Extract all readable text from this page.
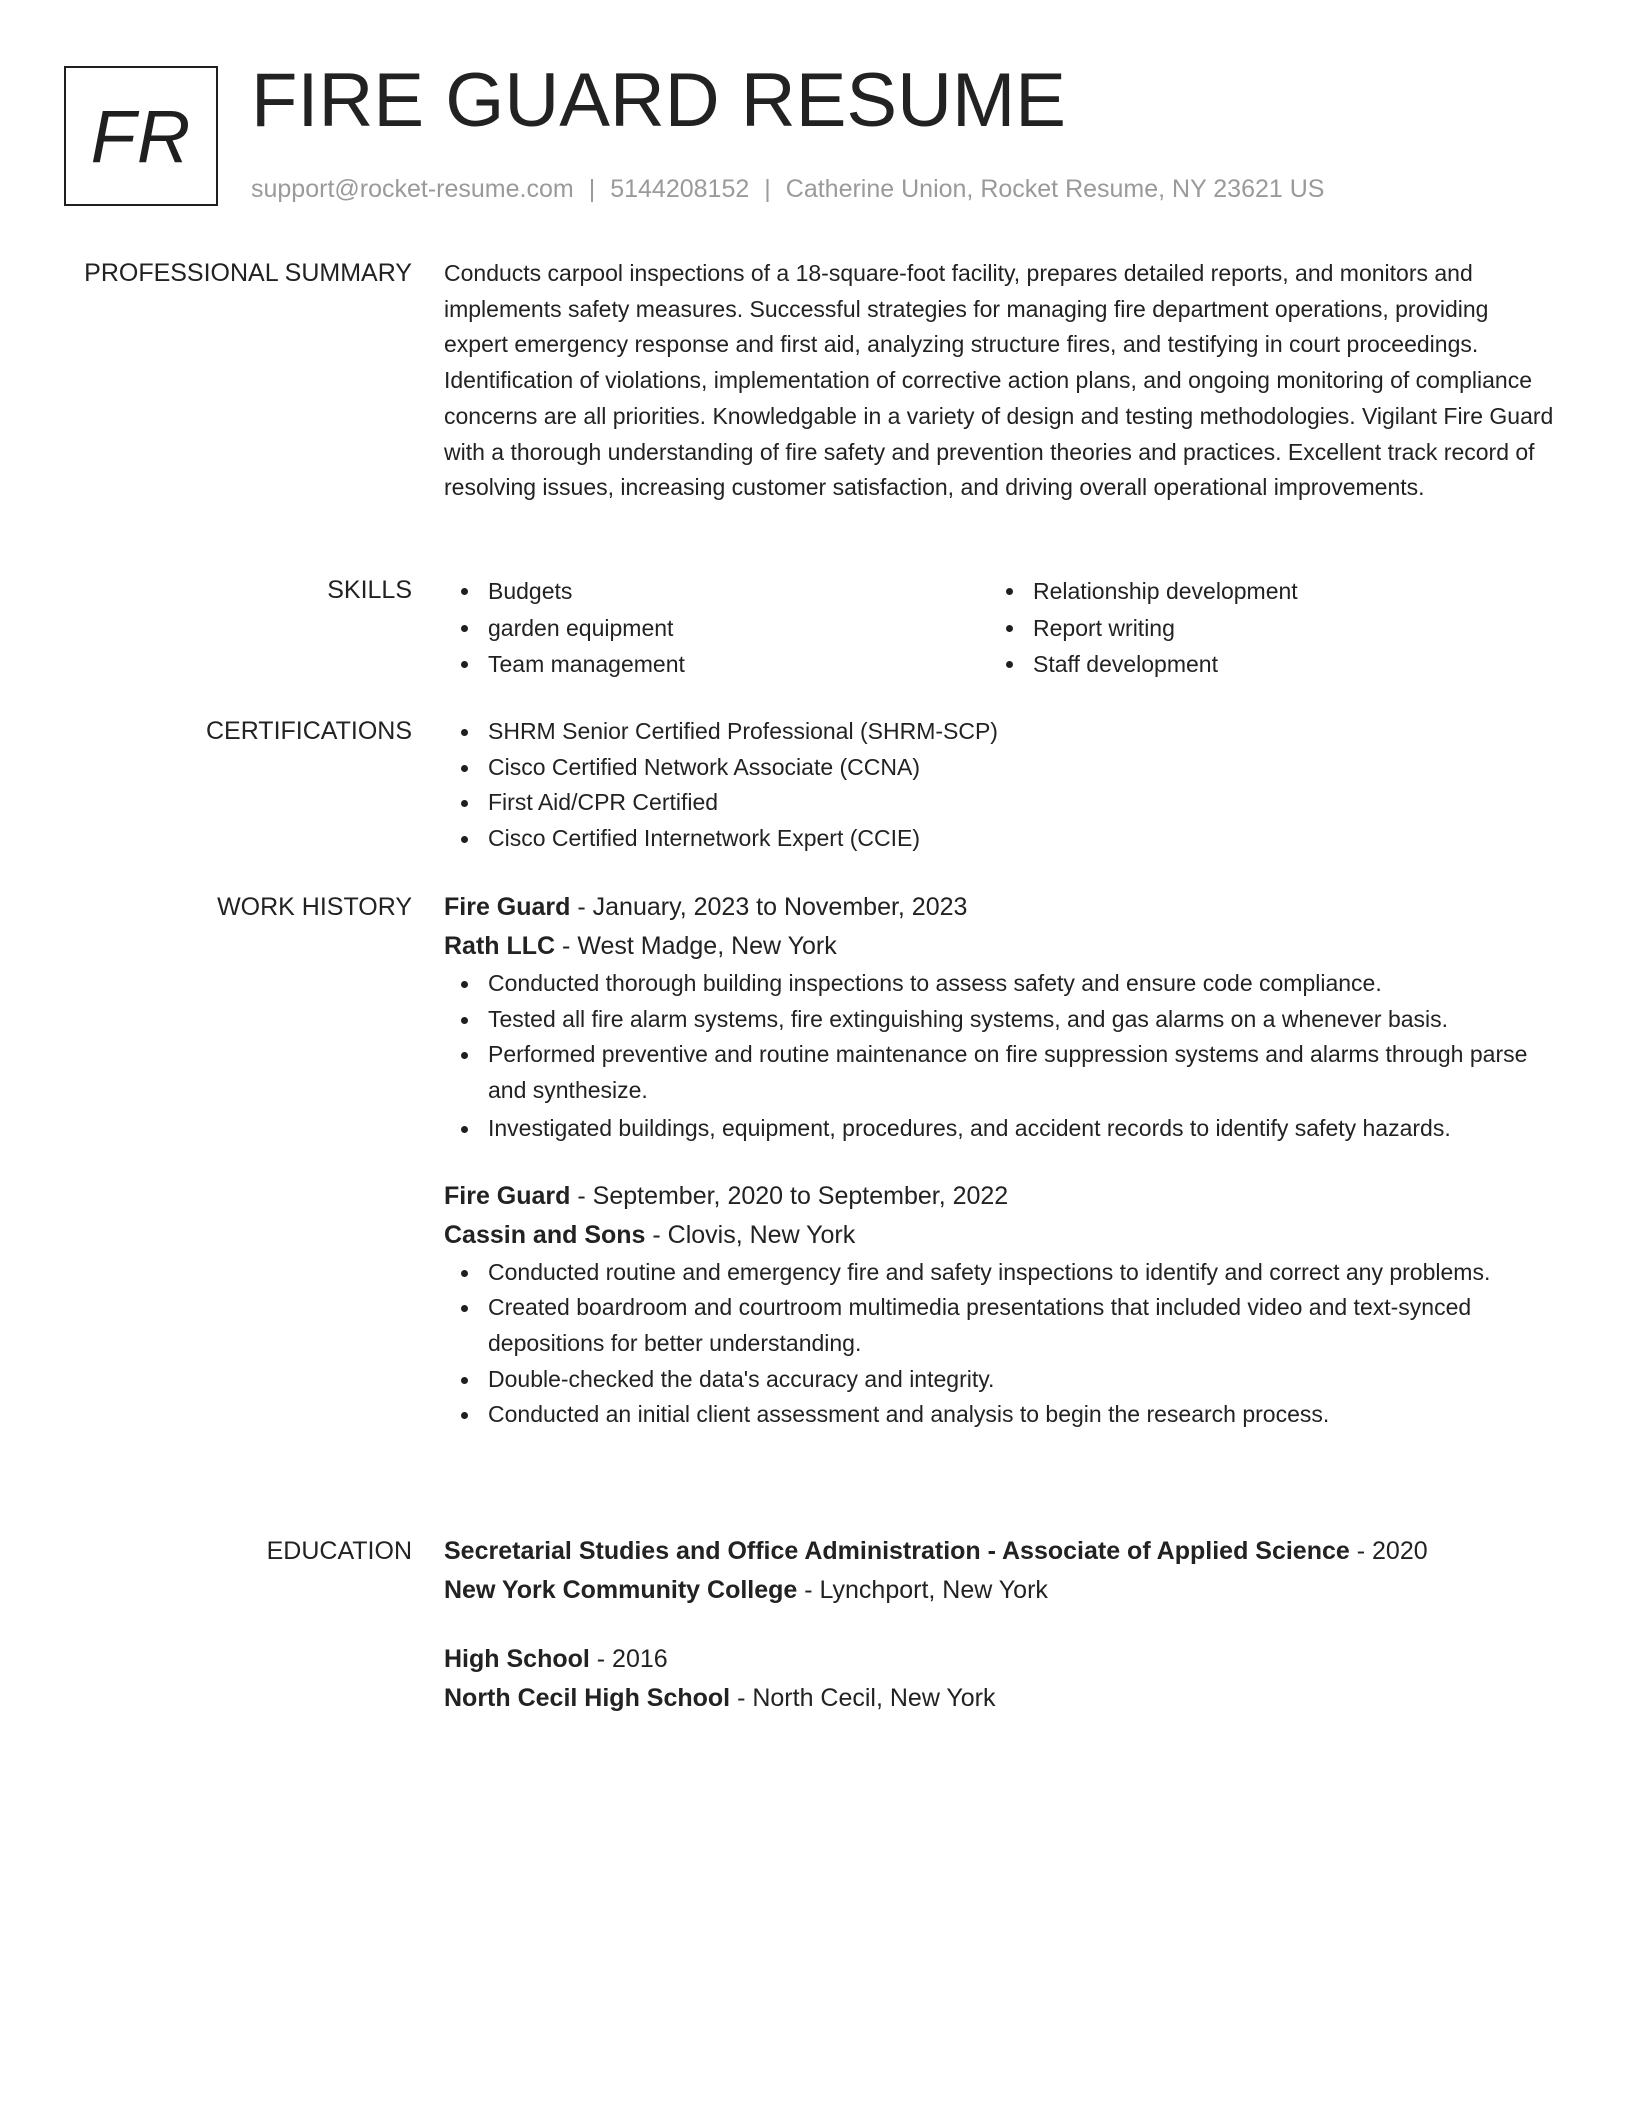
FR FIRE GUARD RESUME
support@rocket-resume.com | 5144208152 | Catherine Union, Rocket Resume, NY 23621 US
PROFESSIONAL SUMMARY Conducts carpool inspections of a 18-square-foot facility, prepares detailed reports, and monitors and implements safety measures. Successful strategies for managing fire department operations, providing expert emergency response and first aid, analyzing structure fires, and testifying in court proceedings. Identification of violations, implementation of corrective action plans, and ongoing monitoring of compliance concerns are all priorities. Knowledgable in a variety of design and testing methodologies. Vigilant Fire Guard with a thorough understanding of fire safety and prevention theories and practices. Excellent track record of resolving issues, increasing customer satisfaction, and driving overall operational improvements.

SKILLS	Budgets
garden equipment
Team management
Relationship development
Report writing
Staff development
CERTIFICATIONS	SHRM Senior Certified Professional (SHRM-SCP)
Cisco Certified Network Associate (CCNA)
First Aid/CPR Certified
Cisco Certified Internetwork Expert (CCIE)
WORK HISTORY Fire Guard - January, 2023 to November, 2023
Rath LLC - West Madge, New York
Conducted thorough building inspections to assess safety and ensure code compliance.
Tested all fire alarm systems, fire extinguishing systems, and gas alarms on a whenever basis.
Performed preventive and routine maintenance on fire suppression systems and alarms through parse and synthesize.
Investigated buildings, equipment, procedures, and accident records to identify safety hazards.
Fire Guard - September, 2020 to September, 2022
Cassin and Sons - Clovis, New York
Conducted routine and emergency fire and safety inspections to identify and correct any problems.
Created boardroom and courtroom multimedia presentations that included video and text-synced depositions for better understanding.
Double-checked the data's accuracy and integrity.
Conducted an initial client assessment and analysis to begin the research process.
EDUCATION Secretarial Studies and Office Administration - Associate of Applied Science - 2020
New York Community College - Lynchport, New York
High School - 2016
North Cecil High School - North Cecil, New York
